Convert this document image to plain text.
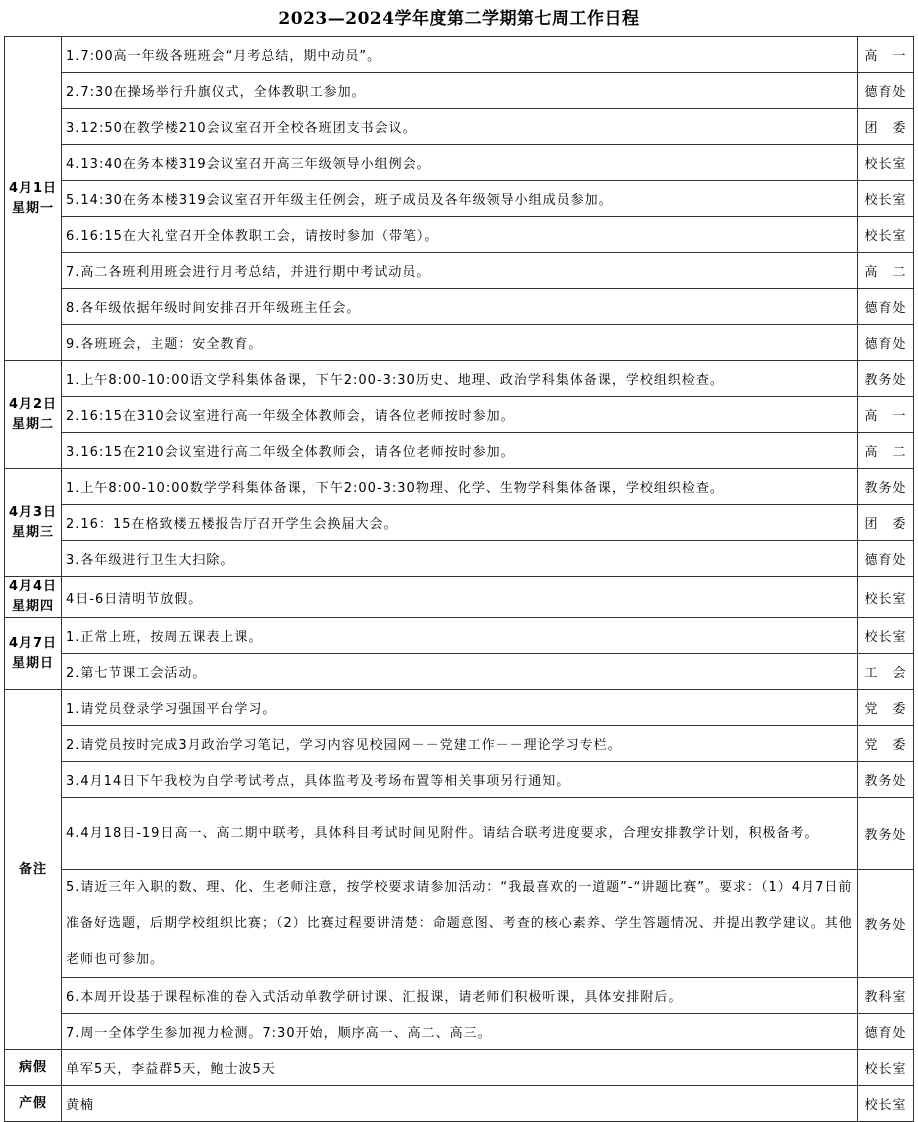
2023—2024学年度第二学期第七周工作日程
4月1日
星期一	1.7:00高一年级各班班会“月考总结，期中动员”。	高　一
	2.7:30在操场举行升旗仪式，全体教职工参加。	德育处
	3.12:50在教学楼210会议室召开全校各班团支书会议。	团　委
	4.13:40在务本楼319会议室召开高三年级领导小组例会。	校长室
	5.14:30在务本楼319会议室召开年级主任例会，班子成员及各年级领导小组成员参加。	校长室
	6.16:15在大礼堂召开全体教职工会，请按时参加（带笔）。	校长室
	7.高二各班利用班会进行月考总结，并进行期中考试动员。	高　二
	8.各年级依据年级时间安排召开年级班主任会。	德育处
	9.各班班会，主题：安全教育。	德育处

4月2日
星期二	1.上午8:00-10:00语文学科集体备课，下午2:00-3:30历史、地理、政治学科集体备课，学校组织检查。	教务处
	2.16:15在310会议室进行高一年级全体教师会，请各位老师按时参加。	高　一
	3.16:15在210会议室进行高二年级全体教师会，请各位老师按时参加。	高　二

4月3日
星期三	1.上午8:00-10:00数学学科集体备课，下午2:00-3:30物理、化学、生物学科集体备课，学校组织检查。	教务处
	2.16：15在格致楼五楼报告厅召开学生会换届大会。	团　委
	3.各年级进行卫生大扫除。	德育处

4月4日
星期四	4日-6日清明节放假。	校长室

4月7日
星期日	1.正常上班，按周五课表上课。	校长室
	2.第七节课工会活动。	工　会

备注	1.请党员登录学习强国平台学习。	党　委
	2.请党员按时完成3月政治学习笔记，学习内容见校园网－－党建工作－－理论学习专栏。	党　委
	3.4月14日下午我校为自学考试考点，具体监考及考场布置等相关事项另行通知。	教务处
	4.4月18日-19日高一、高二期中联考，具体科目考试时间见附件。请结合联考进度要求，合理安排教学计划，积极备考。	教务处
	5.请近三年入职的数、理、化、生老师注意，按学校要求请参加活动：“我最喜欢的一道题”-“讲题比赛”。要求：（1）4月7日前准备好选题，后期学校组织比赛；（2）比赛过程要讲清楚：命题意图、考查的核心素养、学生答题情况、并提出教学建议。其他老师也可参加。	教务处
	6.本周开设基于课程标准的卷入式活动单教学研讨课、汇报课，请老师们积极听课，具体安排附后。	教科室
	7.周一全体学生参加视力检测。7:30开始，顺序高一、高二、高三。	德育处

病假	单军5天，李益群5天，鲍士波5天	校长室

产假	黄楠	校长室
